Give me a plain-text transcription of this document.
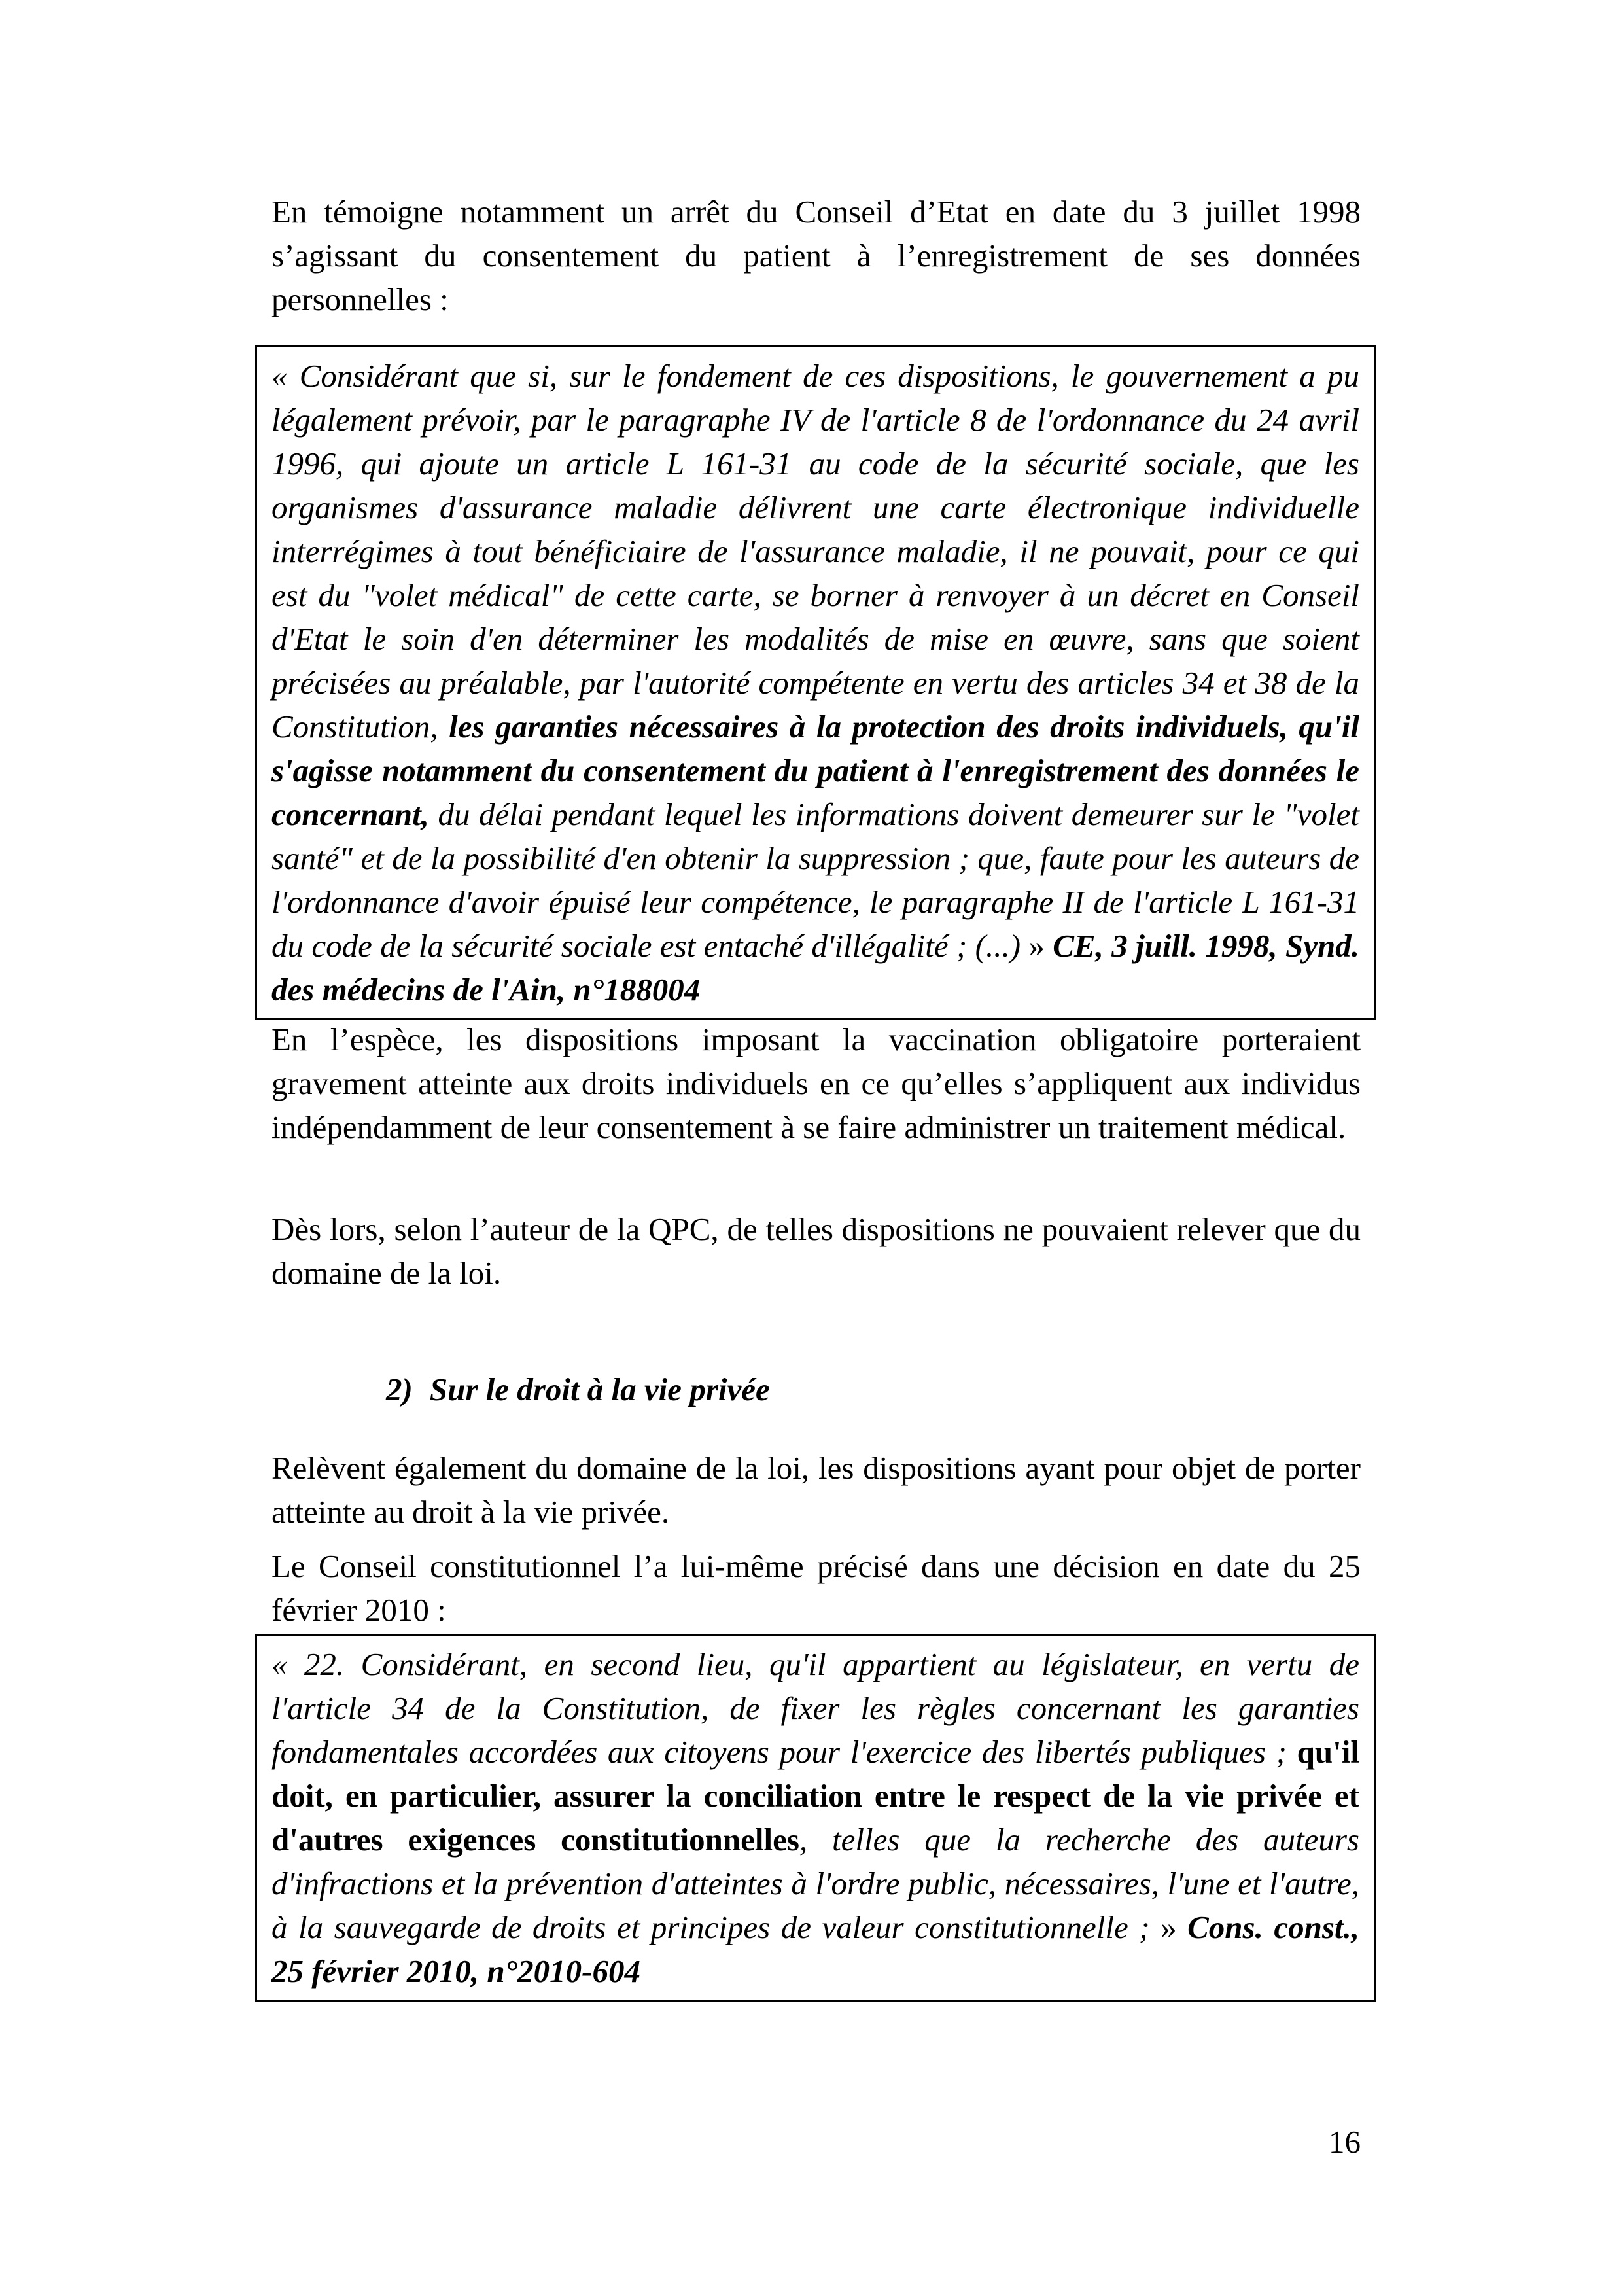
En témoigne notamment un arrêt du Conseil d’Etat en date du 3 juillet 1998 s’agissant du consentement du patient à l’enregistrement de ses données personnelles :

« Considérant que si, sur le fondement de ces dispositions, le gouvernement a pu légalement prévoir, par le paragraphe IV de l'article 8 de l'ordonnance du 24 avril 1996, qui ajoute un article L 161-31 au code de la sécurité sociale, que les organismes d'assurance maladie délivrent une carte électronique individuelle interrégimes à tout bénéficiaire de l'assurance maladie, il ne pouvait, pour ce qui est du "volet médical" de cette carte, se borner à renvoyer à un décret en Conseil d'Etat le soin d'en déterminer les modalités de mise en œuvre, sans que soient précisées au préalable, par l'autorité compétente en vertu des articles 34 et 38 de la Constitution, les garanties nécessaires à la protection des droits individuels, qu'il s'agisse notamment du consentement du patient à l'enregistrement des données le concernant, du délai pendant lequel les informations doivent demeurer sur le "volet santé" et de la possibilité d'en obtenir la suppression ; que, faute pour les auteurs de l'ordonnance d'avoir épuisé leur compétence, le paragraphe II de l'article L 161-31 du code de la sécurité sociale est entaché d'illégalité ; (...) » CE, 3 juill. 1998, Synd. des médecins de l'Ain, n°188004

En l’espèce, les dispositions imposant la vaccination obligatoire porteraient gravement atteinte aux droits individuels en ce qu’elles s’appliquent aux individus indépendamment de leur consentement à se faire administrer un traitement médical.

Dès lors, selon l’auteur de la QPC, de telles dispositions ne pouvaient relever que du domaine de la loi.

2) Sur le droit à la vie privée

Relèvent également du domaine de la loi, les dispositions ayant pour objet de porter atteinte au droit à la vie privée.

Le Conseil constitutionnel l’a lui-même précisé dans une décision en date du 25 février 2010 :

« 22. Considérant, en second lieu, qu'il appartient au législateur, en vertu de l'article 34 de la Constitution, de fixer les règles concernant les garanties fondamentales accordées aux citoyens pour l'exercice des libertés publiques ; qu'il doit, en particulier, assurer la conciliation entre le respect de la vie privée et d'autres exigences constitutionnelles, telles que la recherche des auteurs d'infractions et la prévention d'atteintes à l'ordre public, nécessaires, l'une et l'autre, à la sauvegarde de droits et principes de valeur constitutionnelle ; » Cons. const., 25 février 2010, n°2010-604

16
